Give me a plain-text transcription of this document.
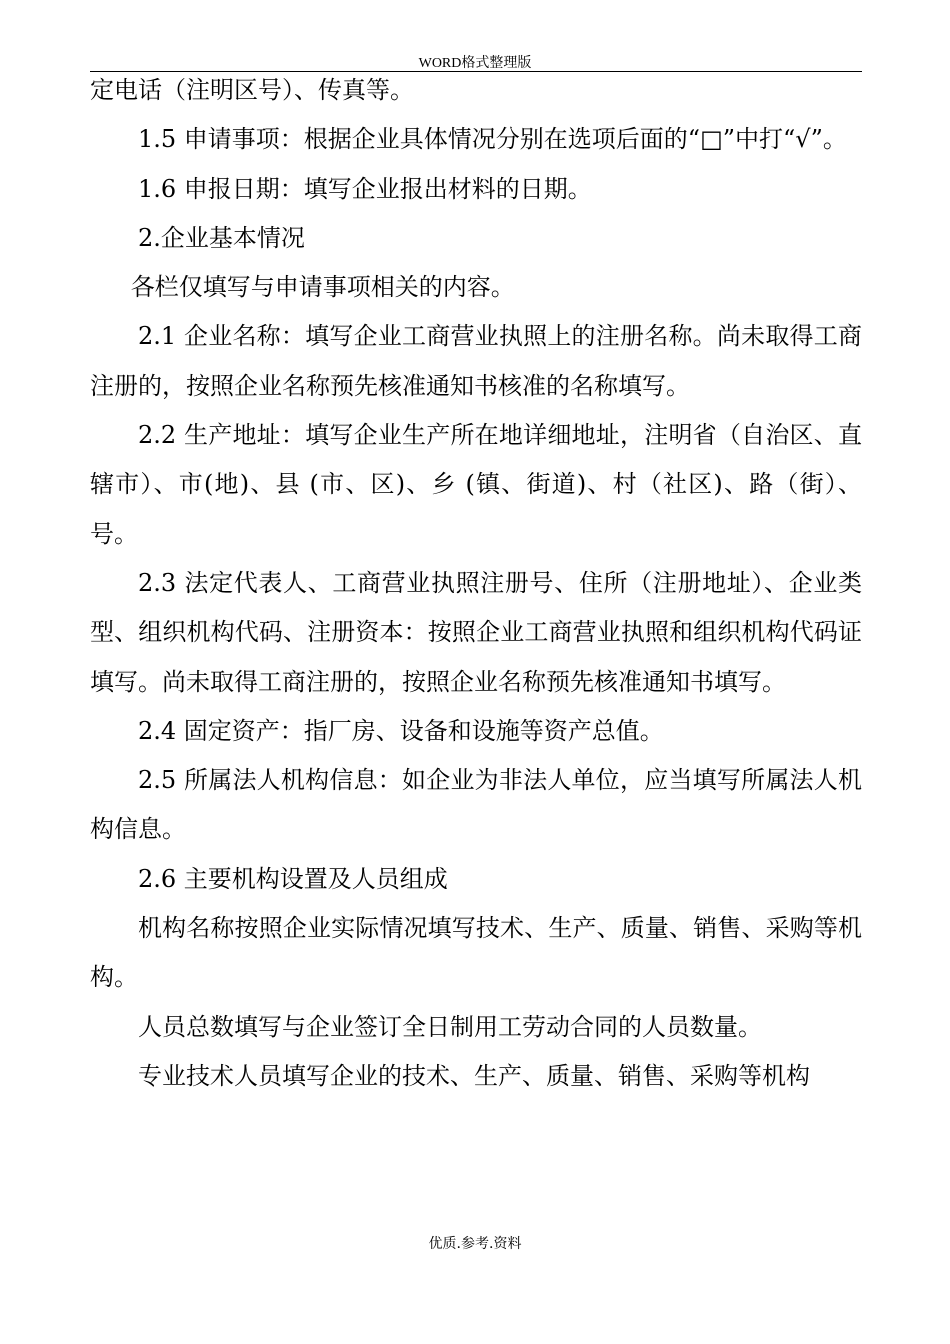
WORD格式整理版

定电话（注明区号）、传真等。

1.5 申请事项：根据企业具体情况分别在选项后面的“□”中打“√”。

1.6 申报日期：填写企业报出材料的日期。

2.企业基本情况

各栏仅填写与申请事项相关的内容。

2.1 企业名称：填写企业工商营业执照上的注册名称。尚未取得工商注册的，按照企业名称预先核准通知书核准的名称填写。

2.2 生产地址：填写企业生产所在地详细地址，注明省（自治区、直辖市）、市(地)、县 (市、区)、乡 (镇、街道)、村（社区)、路（街）、号。

2.3 法定代表人、工商营业执照注册号、住所（注册地址）、企业类型、组织机构代码、注册资本：按照企业工商营业执照和组织机构代码证填写。尚未取得工商注册的，按照企业名称预先核准通知书填写。

2.4 固定资产：指厂房、设备和设施等资产总值。

2.5 所属法人机构信息：如企业为非法人单位，应当填写所属法人机构信息。

2.6 主要机构设置及人员组成

机构名称按照企业实际情况填写技术、生产、质量、销售、采购等机构。

人员总数填写与企业签订全日制用工劳动合同的人员数量。

专业技术人员填写企业的技术、生产、质量、销售、采购等机构

优质.参考.资料
